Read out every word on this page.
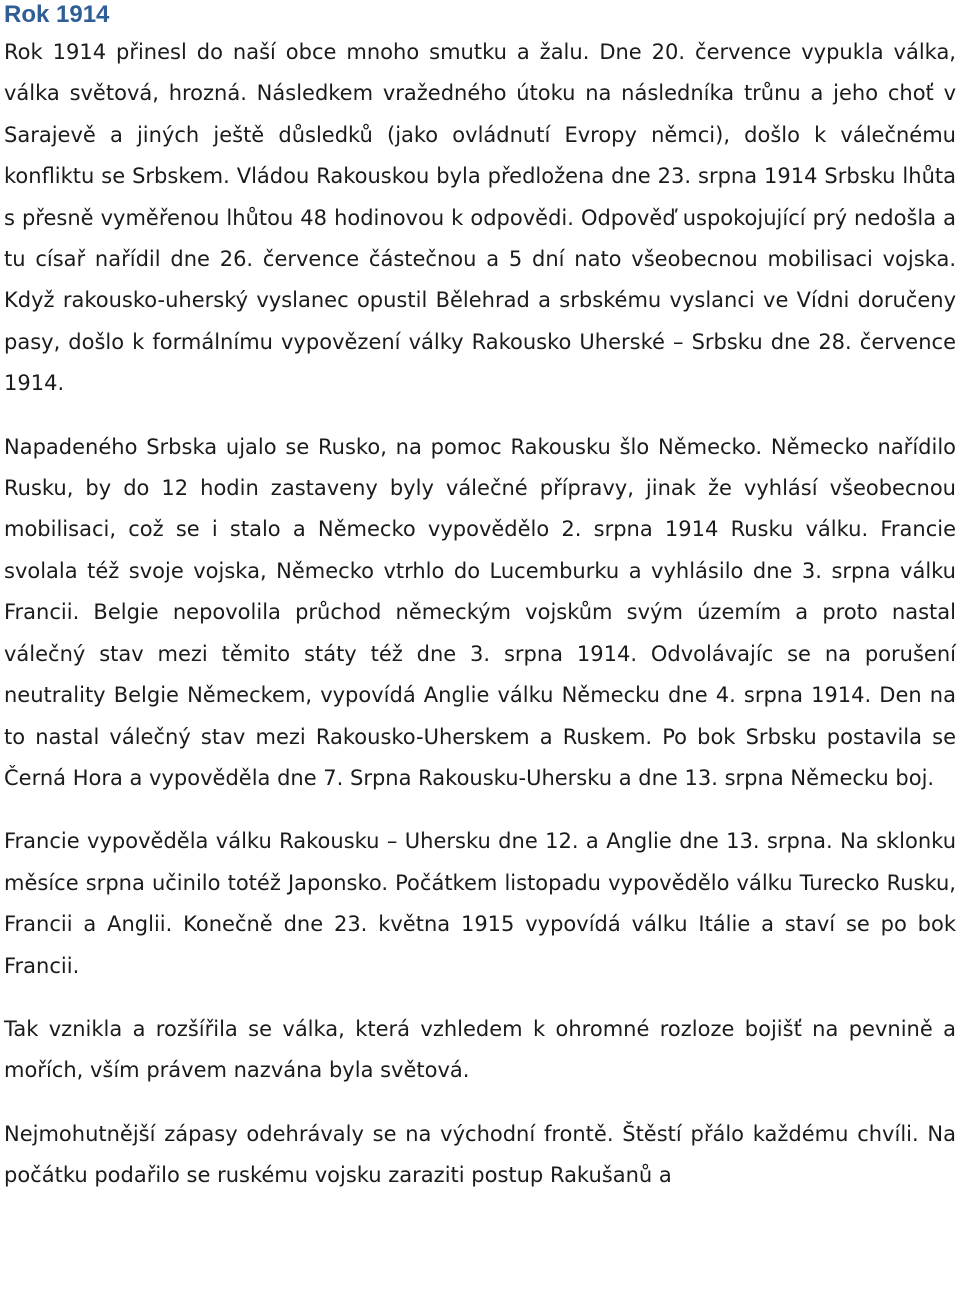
Rok 1914

Rok 1914 přinesl do naší obce mnoho smutku a žalu. Dne 20. července vypukla válka, válka světová, hrozná. Následkem vražedného útoku na následníka trůnu a jeho choť v Sarajevě a jiných ještě důsledků (jako ovládnutí Evropy němci), došlo k válečnému konfliktu se Srbskem. Vládou Rakouskou byla předložena dne 23. srpna 1914 Srbsku lhůta s přesně vyměřenou lhůtou 48 hodinovou k odpovědi. Odpověď uspokojující prý nedošla a tu císař nařídil dne 26. července částečnou a 5 dní nato všeobecnou mobilisaci vojska. Když rakousko-uherský vyslanec opustil Bělehrad a srbskému vyslanci ve Vídni doručeny pasy, došlo k formálnímu vypovězení války Rakousko Uherské – Srbsku dne 28. července 1914.

Napadeného Srbska ujalo se Rusko, na pomoc Rakousku šlo Německo. Německo nařídilo Rusku, by do 12 hodin zastaveny byly válečné přípravy, jinak že vyhlásí všeobecnou mobilisaci, což se i stalo a Německo vypovědělo 2. srpna 1914 Rusku válku. Francie svolala též svoje vojska, Německo vtrhlo do Lucemburku a vyhlásilo dne 3. srpna válku Francii. Belgie nepovolila průchod německým vojskům svým územím a proto nastal válečný stav mezi těmito státy též dne 3. srpna 1914. Odvolávajíc se na porušení neutrality Belgie Německem, vypovídá Anglie válku Německu dne 4. srpna 1914. Den na to nastal válečný stav mezi Rakousko-Uherskem a Ruskem. Po bok Srbsku postavila se Černá Hora a vypověděla dne 7. Srpna Rakousku-Uhersku a dne 13. srpna Německu boj.

Francie vypověděla válku Rakousku – Uhersku dne 12. a Anglie dne 13. srpna. Na sklonku měsíce srpna učinilo totéž Japonsko. Počátkem listopadu vypovědělo válku Turecko Rusku, Francii a Anglii. Konečně dne 23. května 1915 vypovídá válku Itálie a staví se po bok Francii.

Tak vznikla a rozšířila se válka, která vzhledem k ohromné rozloze bojišť na pevnině a mořích, vším právem nazvána byla světová.

Nejmohutnější zápasy odehrávaly se na východní frontě. Štěstí přálo každému chvíli. Na počátku podařilo se ruskému vojsku zaraziti postup Rakušanů a
